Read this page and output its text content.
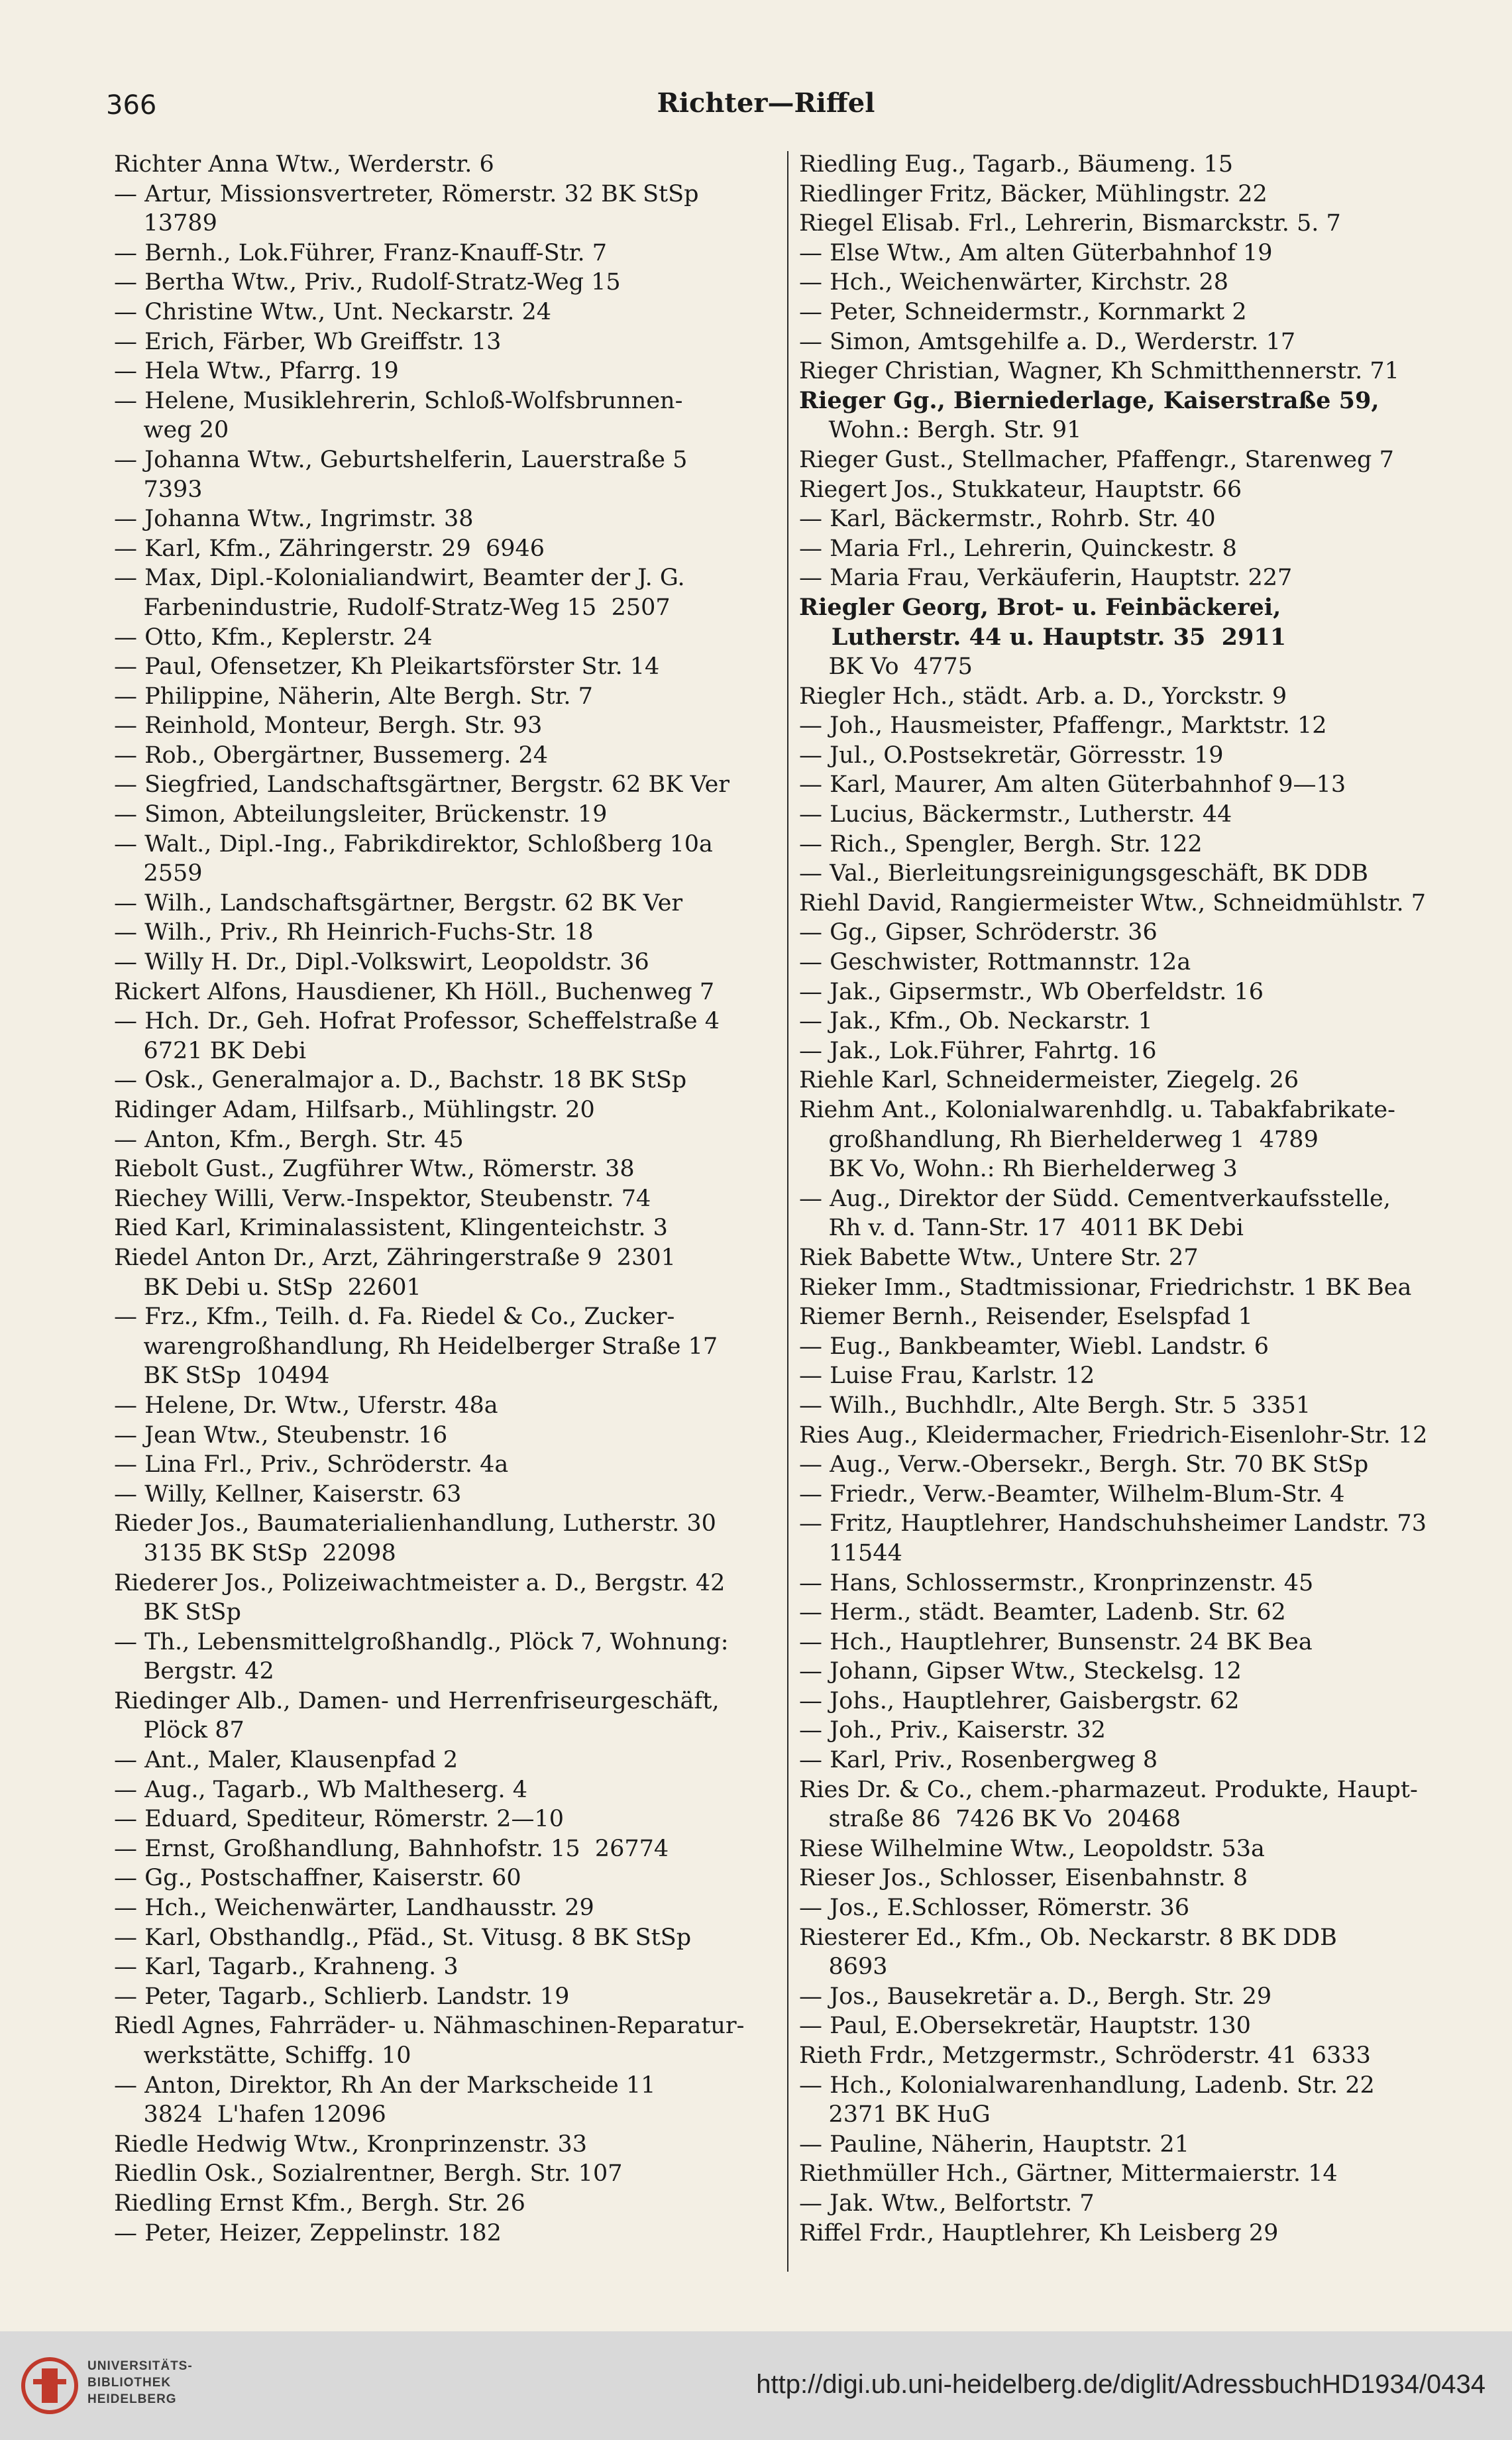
366	Richter—Riffel
Richter Anna Wtw., Werderstr. 6
— Artur, Missionsvertreter, Römerstr. 32 BK StSp
13789
— Bernh., Lok.Führer, Franz-Knauff-Str. 7
— Bertha Wtw., Priv., Rudolf-Stratz-Weg 15
— Christine Wtw., Unt. Neckarstr. 24
— Erich, Färber, Wb Greiffstr. 13
— Hela Wtw., Pfarrg. 19
— Helene, Musiklehrerin, Schloß-Wolfsbrunnen-
weg 20
— Johanna Wtw., Geburtshelferin, Lauerstraße 5
7393
— Johanna Wtw., Ingrimstr. 38
— Karl, Kfm., Zähringerstr. 29  6946
— Max, Dipl.-Kolonialiandwirt, Beamter der J. G.
Farbenindustrie, Rudolf-Stratz-Weg 15  2507
— Otto, Kfm., Keplerstr. 24
— Paul, Ofensetzer, Kh Pleikartsförster Str. 14
— Philippine, Näherin, Alte Bergh. Str. 7
— Reinhold, Monteur, Bergh. Str. 93
— Rob., Obergärtner, Bussemerg. 24
— Siegfried, Landschaftsgärtner, Bergstr. 62 BK Ver
— Simon, Abteilungsleiter, Brückenstr. 19
— Walt., Dipl.-Ing., Fabrikdirektor, Schloßberg 10a
2559
— Wilh., Landschaftsgärtner, Bergstr. 62 BK Ver
— Wilh., Priv., Rh Heinrich-Fuchs-Str. 18
— Willy H. Dr., Dipl.-Volkswirt, Leopoldstr. 36
Rickert Alfons, Hausdiener, Kh Höll., Buchenweg 7
— Hch. Dr., Geh. Hofrat Professor, Scheffelstraße 4
6721 BK Debi
— Osk., Generalmajor a. D., Bachstr. 18 BK StSp
Ridinger Adam, Hilfsarb., Mühlingstr. 20
— Anton, Kfm., Bergh. Str. 45
Riebolt Gust., Zugführer Wtw., Römerstr. 38
Riechey Willi, Verw.-Inspektor, Steubenstr. 74
Ried Karl, Kriminalassistent, Klingenteichstr. 3
Riedel Anton Dr., Arzt, Zähringerstraße 9  2301
BK Debi u. StSp  22601
— Frz., Kfm., Teilh. d. Fa. Riedel & Co., Zucker-
warengroßhandlung, Rh Heidelberger Straße 17
BK StSp  10494
— Helene, Dr. Wtw., Uferstr. 48a
— Jean Wtw., Steubenstr. 16
— Lina Frl., Priv., Schröderstr. 4a
— Willy, Kellner, Kaiserstr. 63
Rieder Jos., Baumaterialienhandlung, Lutherstr. 30
3135 BK StSp  22098
Riederer Jos., Polizeiwachtmeister a. D., Bergstr. 42
BK StSp
— Th., Lebensmittelgroßhandlg., Plöck 7, Wohnung:
Bergstr. 42
Riedinger Alb., Damen- und Herrenfriseurgeschäft,
Plöck 87
— Ant., Maler, Klausenpfad 2
— Aug., Tagarb., Wb Maltheserg. 4
— Eduard, Spediteur, Römerstr. 2—10
— Ernst, Großhandlung, Bahnhofstr. 15  26774
— Gg., Postschaffner, Kaiserstr. 60
— Hch., Weichenwärter, Landhausstr. 29
— Karl, Obsthandlg., Pfäd., St. Vitusg. 8 BK StSp
— Karl, Tagarb., Krahneng. 3
— Peter, Tagarb., Schlierb. Landstr. 19
Riedl Agnes, Fahrräder- u. Nähmaschinen-Reparatur-
werkstätte, Schiffg. 10
— Anton, Direktor, Rh An der Markscheide 11
3824  L'hafen 12096
Riedle Hedwig Wtw., Kronprinzenstr. 33
Riedlin Osk., Sozialrentner, Bergh. Str. 107
Riedling Ernst Kfm., Bergh. Str. 26
— Peter, Heizer, Zeppelinstr. 182
Riedling Eug., Tagarb., Bäumeng. 15
Riedlinger Fritz, Bäcker, Mühlingstr. 22
Riegel Elisab. Frl., Lehrerin, Bismarckstr. 5. 7
— Else Wtw., Am alten Güterbahnhof 19
— Hch., Weichenwärter, Kirchstr. 28
— Peter, Schneidermstr., Kornmarkt 2
— Simon, Amtsgehilfe a. D., Werderstr. 17
Rieger Christian, Wagner, Kh Schmitthennerstr. 71
Rieger Gg., Bierniederlage, Kaiserstraße 59,
Wohn.: Bergh. Str. 91
Rieger Gust., Stellmacher, Pfaffengr., Starenweg 7
Riegert Jos., Stukkateur, Hauptstr. 66
— Karl, Bäckermstr., Rohrb. Str. 40
— Maria Frl., Lehrerin, Quinckestr. 8
— Maria Frau, Verkäuferin, Hauptstr. 227
Riegler Georg, Brot- u. Feinbäckerei,
Lutherstr. 44 u. Hauptstr. 35  2911
BK Vo  4775
Riegler Hch., städt. Arb. a. D., Yorckstr. 9
— Joh., Hausmeister, Pfaffengr., Marktstr. 12
— Jul., O.Postsekretär, Görresstr. 19
— Karl, Maurer, Am alten Güterbahnhof 9—13
— Lucius, Bäckermstr., Lutherstr. 44
— Rich., Spengler, Bergh. Str. 122
— Val., Bierleitungsreinigungsgeschäft, BK DDB
Riehl David, Rangiermeister Wtw., Schneidmühlstr. 7
— Gg., Gipser, Schröderstr. 36
— Geschwister, Rottmannstr. 12a
— Jak., Gipsermstr., Wb Oberfeldstr. 16
— Jak., Kfm., Ob. Neckarstr. 1
— Jak., Lok.Führer, Fahrtg. 16
Riehle Karl, Schneidermeister, Ziegelg. 26
Riehm Ant., Kolonialwarenhdlg. u. Tabakfabrikate-
großhandlung, Rh Bierhelderweg 1  4789
BK Vo, Wohn.: Rh Bierhelderweg 3
— Aug., Direktor der Südd. Cementverkaufsstelle,
Rh v. d. Tann-Str. 17  4011 BK Debi
Riek Babette Wtw., Untere Str. 27
Rieker Imm., Stadtmissionar, Friedrichstr. 1 BK Bea
Riemer Bernh., Reisender, Eselspfad 1
— Eug., Bankbeamter, Wiebl. Landstr. 6
— Luise Frau, Karlstr. 12
— Wilh., Buchhdlr., Alte Bergh. Str. 5  3351
Ries Aug., Kleidermacher, Friedrich-Eisenlohr-Str. 12
— Aug., Verw.-Obersekr., Bergh. Str. 70 BK StSp
— Friedr., Verw.-Beamter, Wilhelm-Blum-Str. 4
— Fritz, Hauptlehrer, Handschuhsheimer Landstr. 73
11544
— Hans, Schlossermstr., Kronprinzenstr. 45
— Herm., städt. Beamter, Ladenb. Str. 62
— Hch., Hauptlehrer, Bunsenstr. 24 BK Bea
— Johann, Gipser Wtw., Steckelsg. 12
— Johs., Hauptlehrer, Gaisbergstr. 62
— Joh., Priv., Kaiserstr. 32
— Karl, Priv., Rosenbergweg 8
Ries Dr. & Co., chem.-pharmazeut. Produkte, Haupt-
straße 86  7426 BK Vo  20468
Riese Wilhelmine Wtw., Leopoldstr. 53a
Rieser Jos., Schlosser, Eisenbahnstr. 8
— Jos., E.Schlosser, Römerstr. 36
Riesterer Ed., Kfm., Ob. Neckarstr. 8 BK DDB
8693
— Jos., Bausekretär a. D., Bergh. Str. 29
— Paul, E.Obersekretär, Hauptstr. 130
Rieth Frdr., Metzgermstr., Schröderstr. 41  6333
— Hch., Kolonialwarenhandlung, Ladenb. Str. 22
2371 BK HuG
— Pauline, Näherin, Hauptstr. 21
Riethmüller Hch., Gärtner, Mittermaierstr. 14
— Jak. Wtw., Belfortstr. 7
Riffel Frdr., Hauptlehrer, Kh Leisberg 29
UNIVERSITÄTS-
BIBLIOTHEK
HEIDELBERG
http://digi.ub.uni-heidelberg.de/diglit/AdressbuchHD1934/0434
